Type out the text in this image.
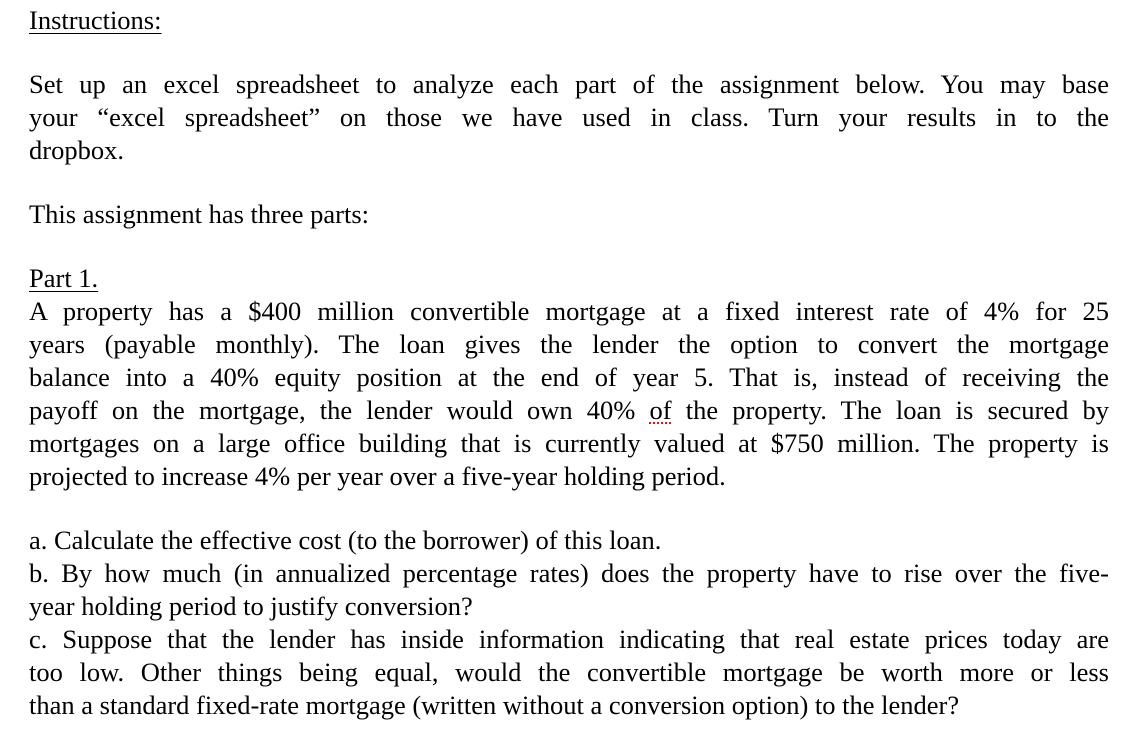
Instructions:

Set up an excel spreadsheet to analyze each part of the assignment below. You may base

your “excel spreadsheet” on those we have used in class. Turn your results in to the

dropbox.

This assignment has three parts:

Part 1.

A property has a $400 million convertible mortgage at a fixed interest rate of 4% for 25

years (payable monthly). The loan gives the lender the option to convert the mortgage

balance into a 40% equity position at the end of year 5. That is, instead of receiving the

payoff on the mortgage, the lender would own 40% of the property. The loan is secured by

mortgages on a large office building that is currently valued at $750 million. The property is

projected to increase 4% per year over a five-year holding period.

a. Calculate the effective cost (to the borrower) of this loan.

b. By how much (in annualized percentage rates) does the property have to rise over the five-

year holding period to justify conversion?

c. Suppose that the lender has inside information indicating that real estate prices today are

too low. Other things being equal, would the convertible mortgage be worth more or less

than a standard fixed-rate mortgage (written without a conversion option) to the lender?
